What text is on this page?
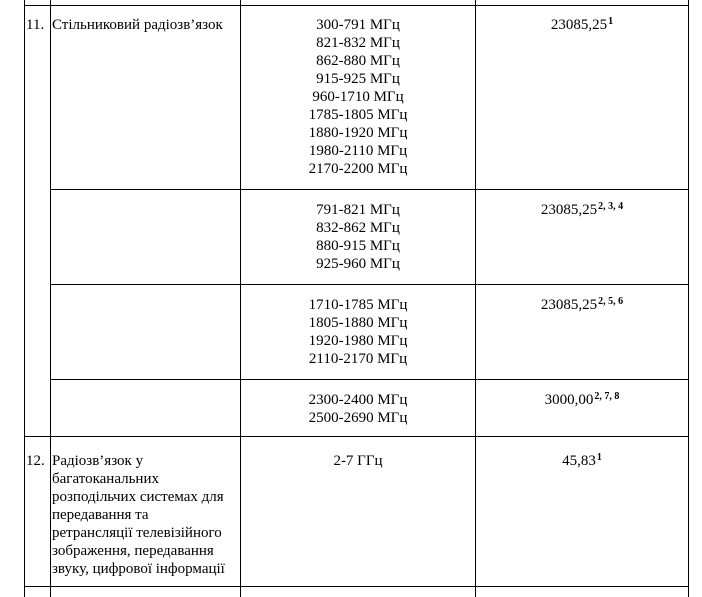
11. Стільниковий радіозв’язок	300-791 МГц
821-832 МГц
862-880 МГц
915-925 МГц
960-1710 МГц
1785-1805 МГц
1880-1920 МГц
1980-2110 МГц
2170-2200 МГц
23085,25$^1$
791-821 МГц
832-862 МГц
880-915 МГц
925-960 МГц
23085,25$^{2, 3, 4}$
1710-1785 МГц
1805-1880 МГц
1920-1980 МГц
2110-2170 МГц
23085,25$^{2, 5, 6}$
2300-2400 МГц
2500-2690 МГц
3000,00$^{2, 7, 8}$
12. Радіозв’язок у
багатоканальних
розподільчих системах для
передавання та
ретрансляції телевізійного
зображення, передавання
звуку, цифрової інформації
2-7 ГГц	45,83$^1$
